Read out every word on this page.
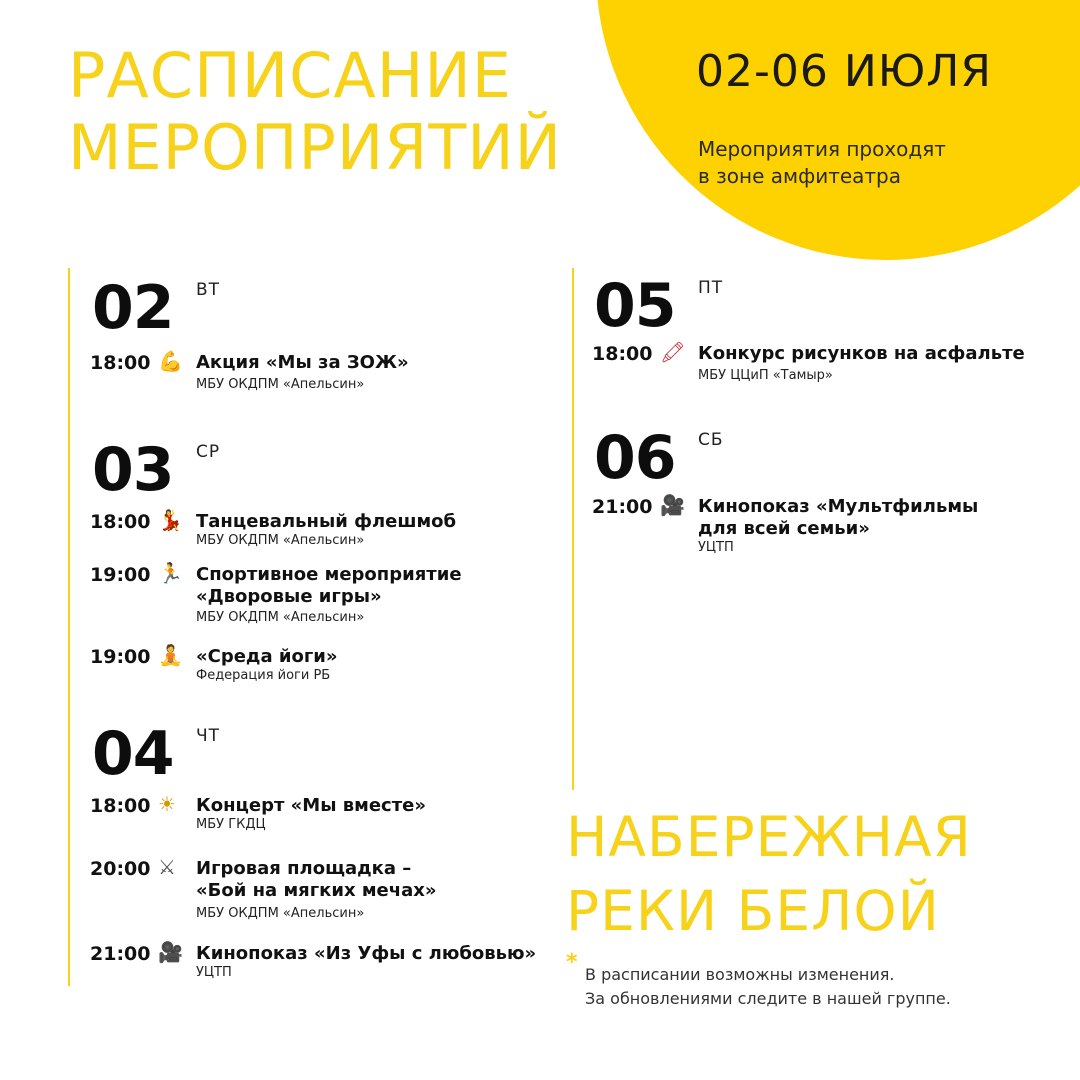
РАСПИСАНИЕ
МЕРОПРИЯТИЙ
02-06 ИЮЛЯ
Мероприятия проходят
в зоне амфитеатра
02 ВТ
18:00 💪 Акция «Мы за ЗОЖ»
МБУ ОКДПМ «Апельсин»
03 СР
18:00 💃 Танцевальный флешмоб
МБУ ОКДПМ «Апельсин»
19:00 🏃 Спортивное мероприятие
«Дворовые игры»
МБУ ОКДПМ «Апельсин»
19:00 🧘 «Среда йоги»
Федерация йоги РБ
04 ЧТ
18:00 ☀ Концерт «Мы вместе»
МБУ ГКДЦ
20:00 ⚔ Игровая площадка –
«Бой на мягких мечах»
МБУ ОКДПМ «Апельсин»
21:00 🎥 Кинопоказ «Из Уфы с любовью»
УЦТП
05 ПТ
18:00 🖍 Конкурс рисунков на асфальте
МБУ ЦЦиП «Тамыр»
06 СБ
21:00 🎥 Кинопоказ «Мультфильмы
для всей семьи»
УЦТП
НАБЕРЕЖНАЯ
РЕКИ БЕЛОЙ
* В расписании возможны изменения.
За обновлениями следите в нашей группе.
